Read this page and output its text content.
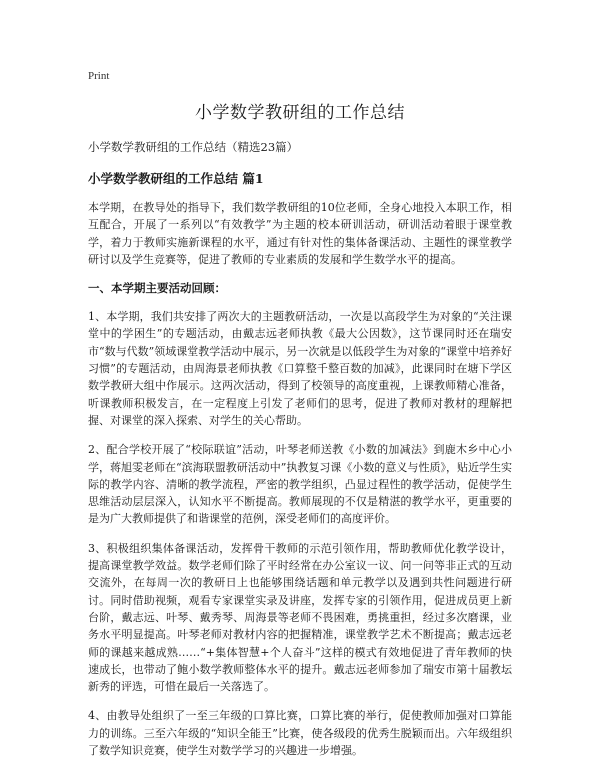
Print
小学数学教研组的工作总结
小学数学教研组的工作总结（精选23篇）
小学数学教研组的工作总结 篇1

本学期，在教导处的指导下，我们数学教研组的10位老师，全身心地投入本职工作，相互配合，开展了一系列以“有效教学”为主题的校本研训活动，研训活动着眼于课堂教学，着力于教师实施新课程的水平，通过有针对性的集体备课活动、主题性的课堂教学研讨以及学生竞赛等，促进了教师的专业素质的发展和学生数学水平的提高。

一、本学期主要活动回顾：

1、本学期，我们共安排了两次大的主题教研活动，一次是以高段学生为对象的“关注课堂中的学困生”的专题活动，由戴志远老师执教《最大公因数》，这节课同时还在瑞安市“数与代数”领域课堂教学活动中展示，另一次就是以低段学生为对象的“课堂中培养好习惯”的专题活动，由周海景老师执教《口算整千整百数的加减》，此课同时在塘下学区数学教研大组中作展示。这两次活动，得到了校领导的高度重视，上课教师精心准备，听课教师积极发言，在一定程度上引发了老师们的思考，促进了教师对教材的理解把握、对课堂的深入探索、对学生的关心帮助。

2、配合学校开展了“校际联谊”活动，叶琴老师送教《小数的加减法》到鹿木乡中心小学，蒋旭雯老师在“滨海联盟教研活动中”执教复习课《小数的意义与性质》，贴近学生实际的教学内容、清晰的教学流程，严密的教学组织，凸显过程性的教学活动，促使学生思维活动层层深入，认知水平不断提高。教师展现的不仅是精湛的教学水平，更重要的是为广大教师提供了和谐课堂的范例，深受老师们的高度评价。

3、积极组织集体备课活动，发挥骨干教师的示范引领作用，帮助教师优化教学设计，提高课堂教学效益。数学老师们除了平时经常在办公室议一议、问一问等非正式的互动交流外，在每周一次的教研日上也能够围绕话题和单元教学以及遇到共性问题进行研讨。同时借助视频，观看专家课堂实录及讲座，发挥专家的引领作用，促进成员更上新台阶，戴志远、叶琴、戴秀琴、周海景等老师不畏困难，勇挑重担，经过多次磨课，业务水平明显提高。叶琴老师对教材内容的把握精准，课堂教学艺术不断提高；戴志远老师的课越来越成熟……“+集体智慧+个人奋斗”这样的模式有效地促进了青年教师的快速成长，也带动了鲍小数学教师整体水平的提升。戴志远老师参加了瑞安市第十届教坛新秀的评选，可惜在最后一关落选了。

4、由教导处组织了一至三年级的口算比赛，口算比赛的举行，促使教师加强对口算能力的训练。三至六年级的“知识全能王”比赛，使各级段的优秀生脱颖而出。六年级组织了数学知识竞赛，使学生对数学学习的兴趣进一步增强。
